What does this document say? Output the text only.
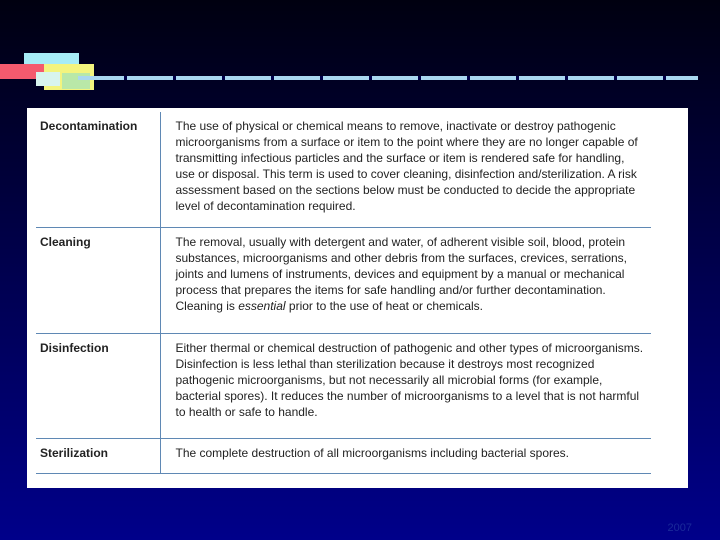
Decontamination	The use of physical or chemical means to remove, inactivate or destroy pathogenic microorganisms from a surface or item to the point where they are no longer capable of transmitting infectious particles and the surface or item is rendered safe for handling, use or disposal. This term is used to cover cleaning, disinfection and/sterilization. A risk assessment based on the sections below must be conducted to decide the appropriate level of decontamination required.
Cleaning	The removal, usually with detergent and water, of adherent visible soil, blood, protein substances, microorganisms and other debris from the surfaces, crevices, serrations, joints and lumens of instruments, devices and equipment by a manual or mechanical process that prepares the items for safe handling and/or further decontamination. Cleaning is essential prior to the use of heat or chemicals.
Disinfection	Either thermal or chemical destruction of pathogenic and other types of microorganisms. Disinfection is less lethal than sterilization because it destroys most recognized pathogenic microorganisms, but not necessarily all microbial forms (for example, bacterial spores). It reduces the number of microorganisms to a level that is not harmful to health or safe to handle.
Sterilization	The complete destruction of all microorganisms including bacterial spores.
2007
